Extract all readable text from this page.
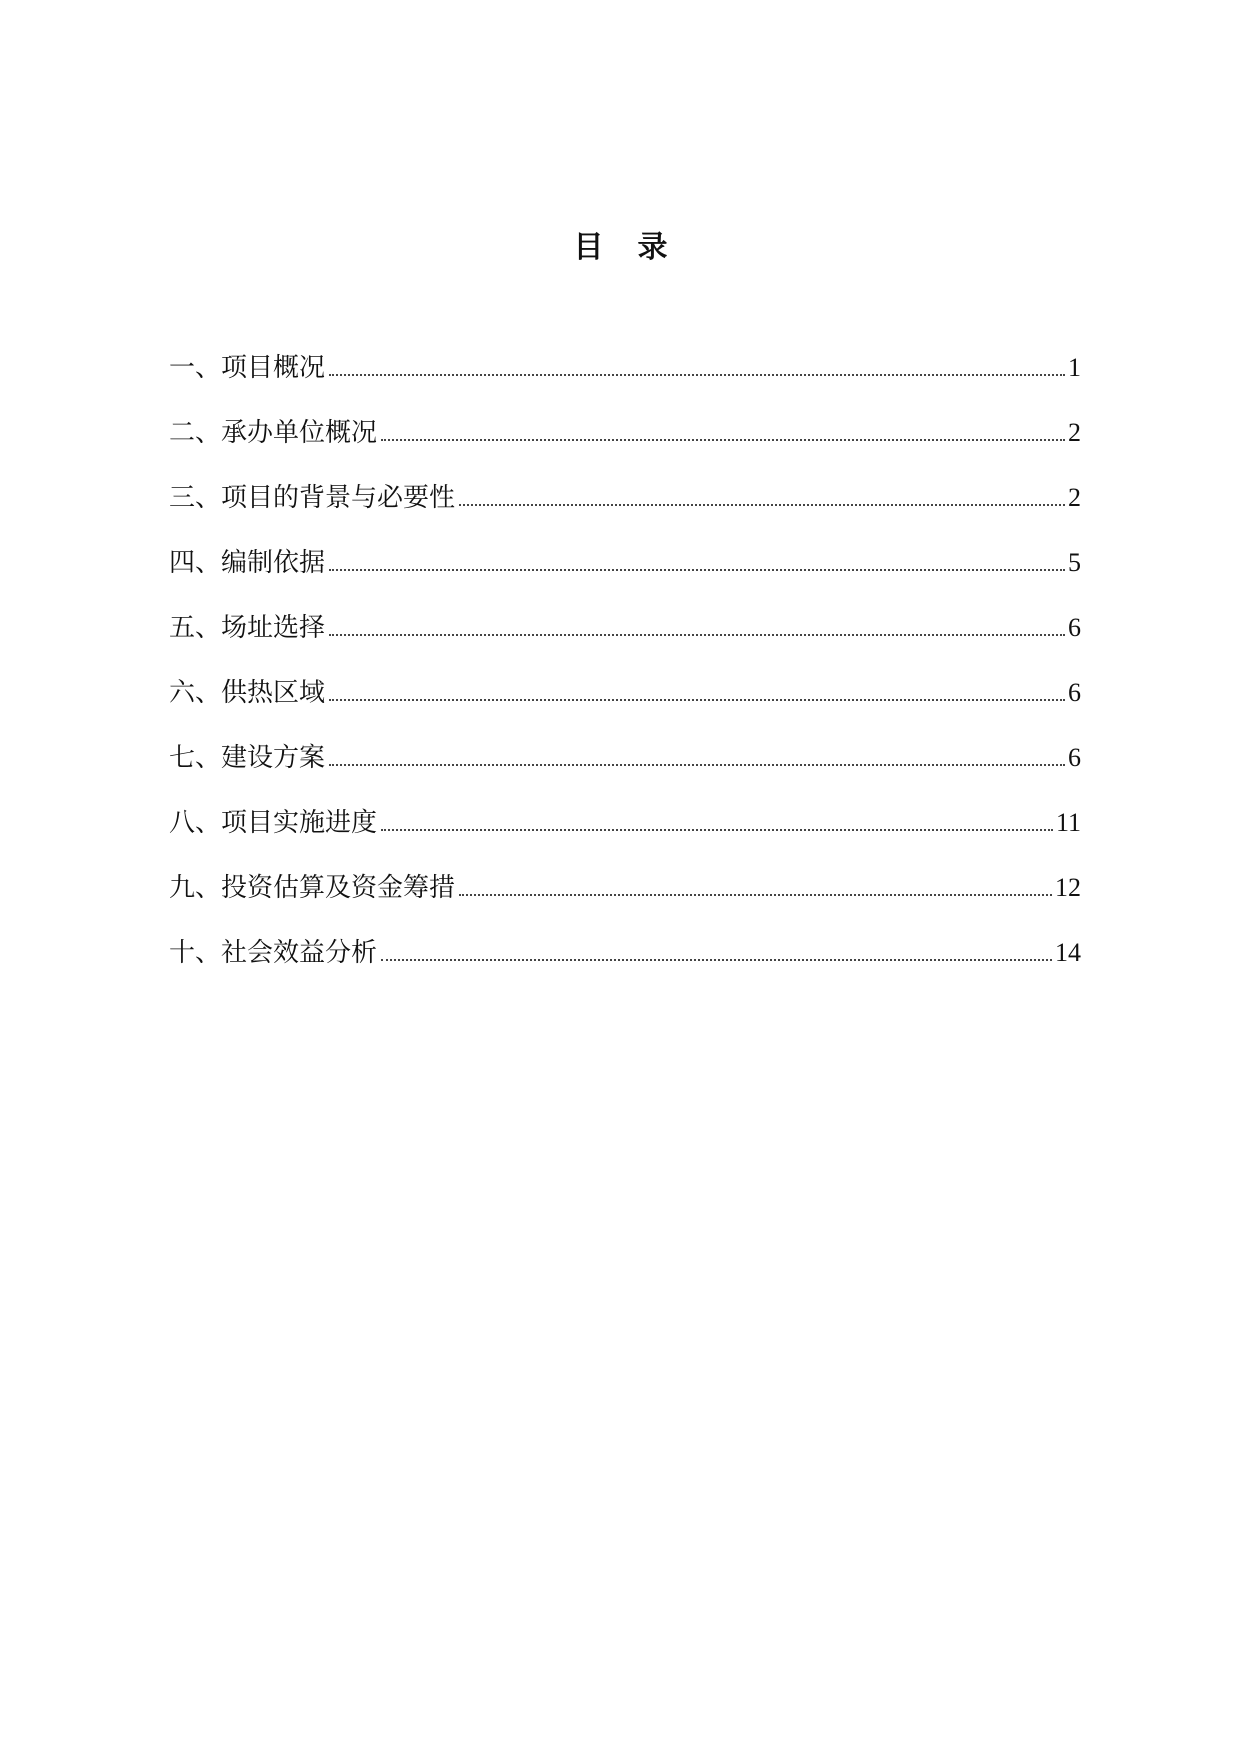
目 录
一、项目概况	1
二、承办单位概况	2
三、项目的背景与必要性	2
四、编制依据	5
五、场址选择	6
六、供热区域	6
七、建设方案	6
八、项目实施进度	11
九、投资估算及资金筹措	12
十、社会效益分析	14
